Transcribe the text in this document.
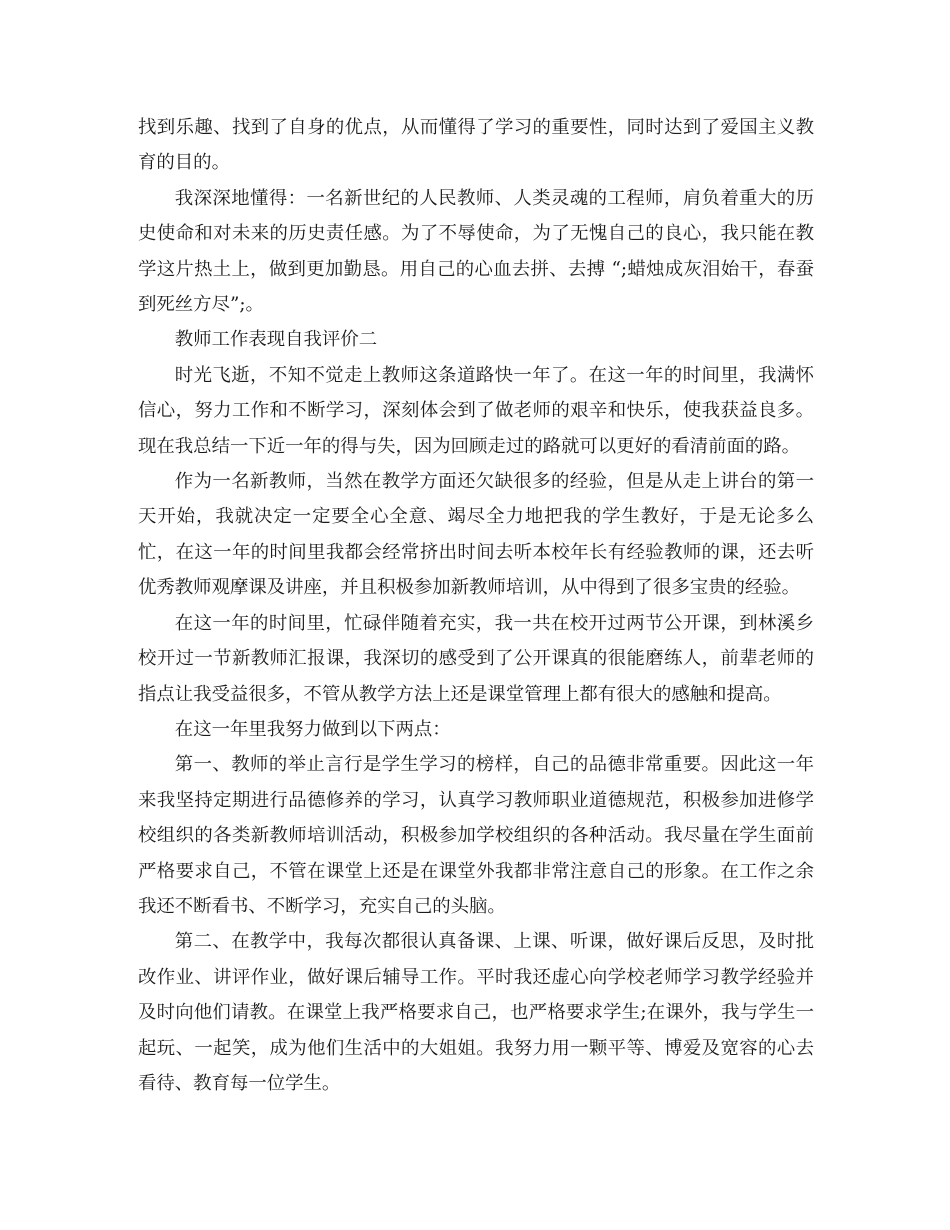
找到乐趣、找到了自身的优点，从而懂得了学习的重要性，同时达到了爱国主义教育的目的。

我深深地懂得：一名新世纪的人民教师、人类灵魂的工程师，肩负着重大的历史使命和对未来的历史责任感。为了不辱使命，为了无愧自己的良心，我只能在教学这片热土上，做到更加勤恳。用自己的心血去拼、去搏 “;蜡烛成灰泪始干，春蚕到死丝方尽”;。

教师工作表现自我评价二

时光飞逝，不知不觉走上教师这条道路快一年了。在这一年的时间里，我满怀信心，努力工作和不断学习，深刻体会到了做老师的艰辛和快乐，使我获益良多。现在我总结一下近一年的得与失，因为回顾走过的路就可以更好的看清前面的路。

作为一名新教师，当然在教学方面还欠缺很多的经验，但是从走上讲台的第一天开始，我就决定一定要全心全意、竭尽全力地把我的学生教好，于是无论多么忙，在这一年的时间里我都会经常挤出时间去听本校年长有经验教师的课，还去听优秀教师观摩课及讲座，并且积极参加新教师培训，从中得到了很多宝贵的经验。

在这一年的时间里，忙碌伴随着充实，我一共在校开过两节公开课，到林溪乡校开过一节新教师汇报课，我深切的感受到了公开课真的很能磨练人，前辈老师的指点让我受益很多，不管从教学方法上还是课堂管理上都有很大的感触和提高。

在这一年里我努力做到以下两点：

第一、教师的举止言行是学生学习的榜样，自己的品德非常重要。因此这一年来我坚持定期进行品德修养的学习，认真学习教师职业道德规范，积极参加进修学校组织的各类新教师培训活动，积极参加学校组织的各种活动。我尽量在学生面前严格要求自己，不管在课堂上还是在课堂外我都非常注意自己的形象。在工作之余我还不断看书、不断学习，充实自己的头脑。

第二、在教学中，我每次都很认真备课、上课、听课，做好课后反思，及时批改作业、讲评作业，做好课后辅导工作。平时我还虚心向学校老师学习教学经验并及时向他们请教。在课堂上我严格要求自己，也严格要求学生;在课外，我与学生一起玩、一起笑，成为他们生活中的大姐姐。我努力用一颗平等、博爱及宽容的心去看待、教育每一位学生。
